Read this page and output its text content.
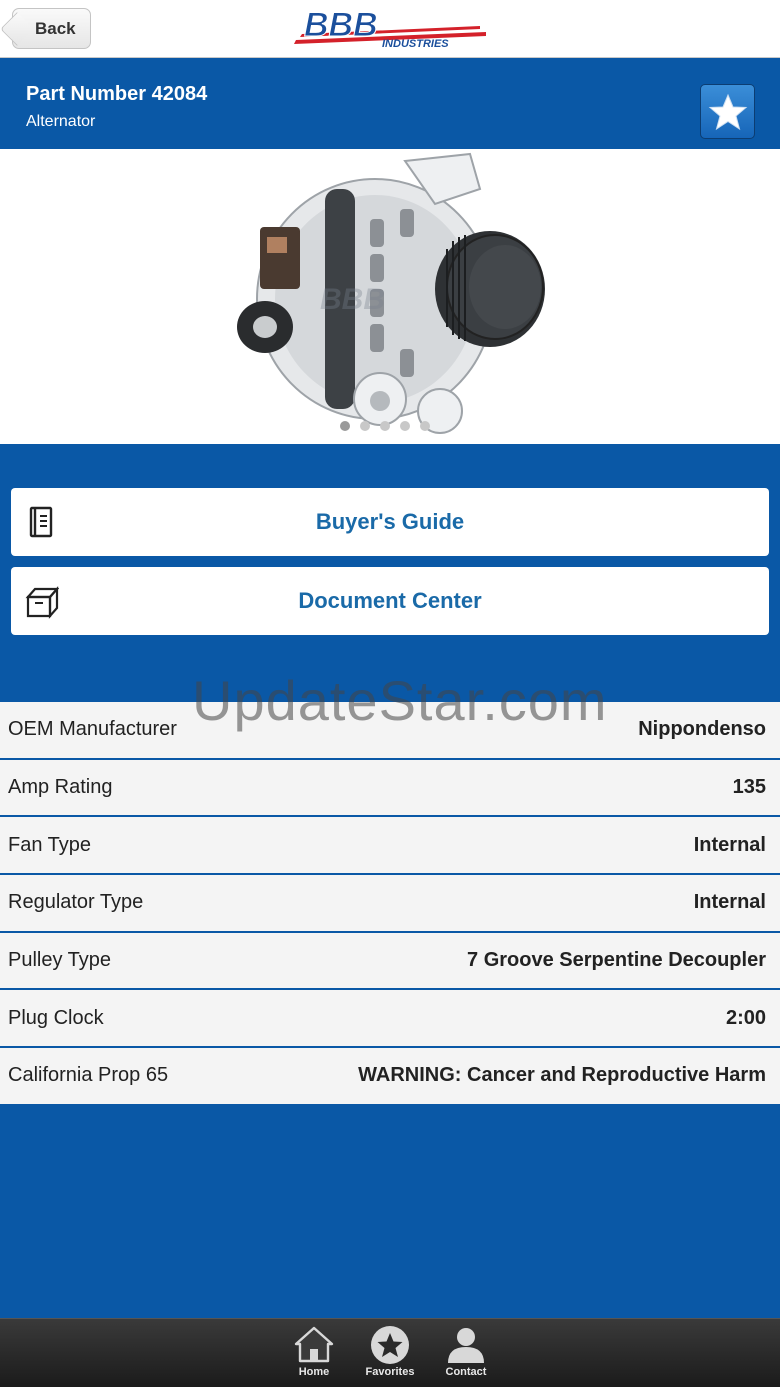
Back	BBB INDUSTRIES
Part Number 42084
Alternator
BBB
Buyer's Guide
Document Center
UpdateStar.com
OEM Manufacturer	Nippondenso
Amp Rating	135
Fan Type	Internal
Regulator Type	Internal
Pulley Type	7 Groove Serpentine Decoupler
Plug Clock	2:00
California Prop 65	WARNING: Cancer and Reproductive Harm
Home	Favorites	Contact
